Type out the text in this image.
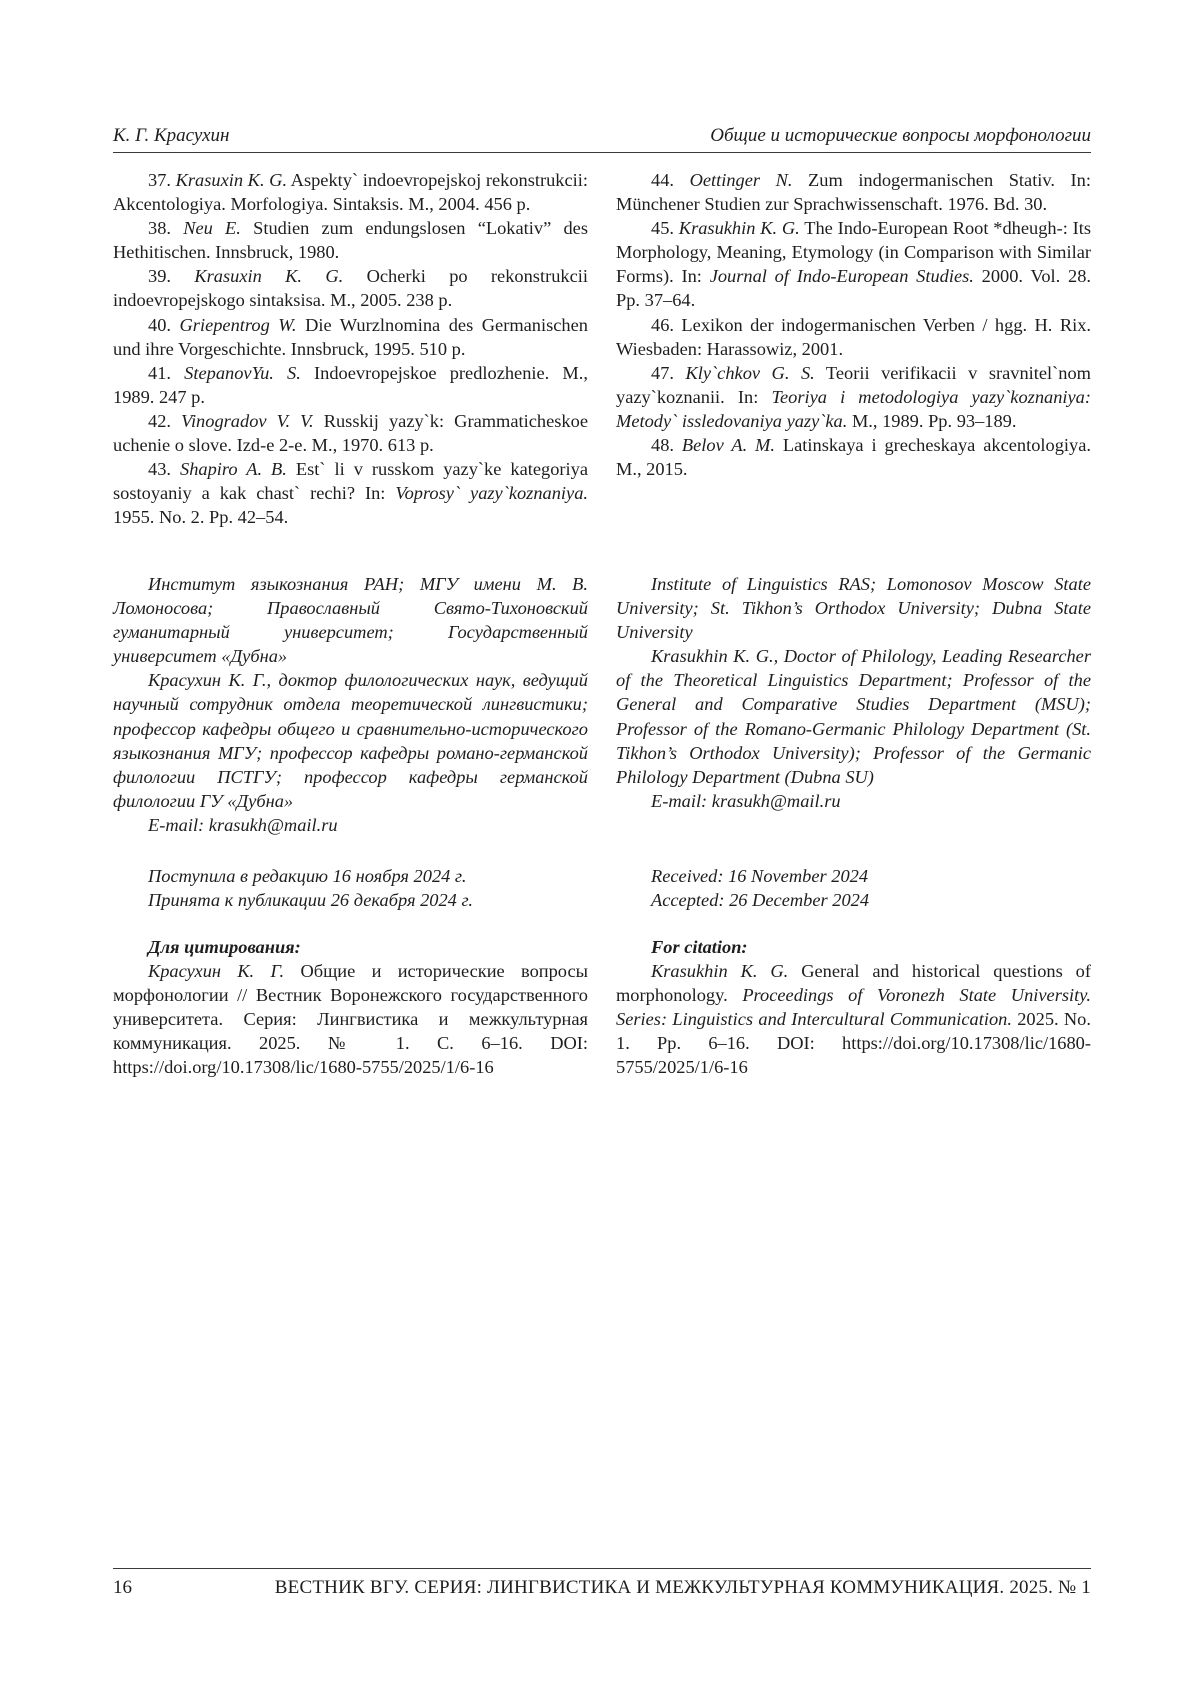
К. Г. Красухин	Общие и исторические вопросы морфонологии

37. Krasuxin K. G. Aspekty` indoevropejskoj rekonstrukcii: Akcentologiya. Morfologiya. Sintaksis. M., 2004. 456 p.

38. Neu E. Studien zum endungslosen “Lokativ” des Hethitischen. Innsbruck, 1980.

39. Krasuxin K. G. Ocherki po rekonstrukcii indoevropejskogo sintaksisa. M., 2005. 238 p.

40. Griepentrog W. Die Wurzlnomina des Germanischen und ihre Vorgeschichte. Innsbruck, 1995. 510 p.

41. StepanovYu. S. Indoevropejskoe predlozhenie. M., 1989. 247 p.

42. Vinogradov V. V. Russkij yazy`k: Grammaticheskoe uchenie o slove. Izd-e 2-e. M., 1970. 613 p.

43. Shapiro A. B. Est` li v russkom yazy`ke kategoriya sostoyaniy a kak chast` rechi? In: Voprosy` yazy`koznaniya. 1955. No. 2. Pp. 42–54.

44. Oettinger N. Zum indogermanischen Stativ. In: Münchener Studien zur Sprachwissenschaft. 1976. Bd. 30.

45. Krasukhin K. G. The Indo-European Root *dheugh-: Its Morphology, Meaning, Etymology (in Comparison with Similar Forms). In: Journal of Indo-European Studies. 2000. Vol. 28. Pp. 37–64.

46. Lexikon der indogermanischen Verben / hgg. H. Rix. Wiesbaden: Harassowiz, 2001.

47. Kly`chkov G. S. Teorii verifikacii v sravnitel`nom yazy`koznanii. In: Teoriya i metodologiya yazy`koznaniya: Metody` issledovaniya yazy`ka. M., 1989. Pp. 93–189.

48. Belov A. M. Latinskaya i grecheskaya akcentologiya. M., 2015.

Институт языкознания РАН; МГУ имени М. В. Ломоносова; Православный Свято-Тихоновский гуманитарный университет; Государственный университет «Дубна»

Красухин К. Г., доктор филологических наук, ведущий научный сотрудник отдела теоретической лингвистики; профессор кафедры общего и сравнительно-исторического языкознания МГУ; профессор кафедры романо-германской филологии ПСТГУ; профессор кафедры германской филологии ГУ «Дубна»

E-mail: krasukh@mail.ru

Institute of Linguistics RAS; Lomonosov Moscow State University; St. Tikhon’s Orthodox University; Dubna State University

Krasukhin K. G., Doctor of Philology, Leading Researcher of the Theoretical Linguistics Department; Professor of the General and Comparative Studies Department (MSU); Professor of the Romano-Germanic Philology Department (St. Tikhon’s Orthodox University); Professor of the Germanic Philology Department (Dubna SU)

E-mail: krasukh@mail.ru

Поступила в редакцию 16 ноября 2024 г.

Принята к публикации 26 декабря 2024 г.

Received: 16 November 2024

Accepted: 26 December 2024

Для цитирования:

Красухин К. Г. Общие и исторические вопросы морфонологии // Вестник Воронежского государственного университета. Серия: Лингвистика и межкультурная коммуникация. 2025. № 1. С. 6–16. DOI: https://doi.org/10.17308/lic/1680-5755/2025/1/6-16

For citation:

Krasukhin K. G. General and historical questions of morphonology. Proceedings of Voronezh State University. Series: Linguistics and Intercultural Communication. 2025. No. 1. Pp. 6–16. DOI: https://doi.org/10.17308/lic/1680-5755/2025/1/6-16

16	ВЕСТНИК ВГУ. СЕРИЯ: ЛИНГВИСТИКА И МЕЖКУЛЬТУРНАЯ КОММУНИКАЦИЯ. 2025. № 1
